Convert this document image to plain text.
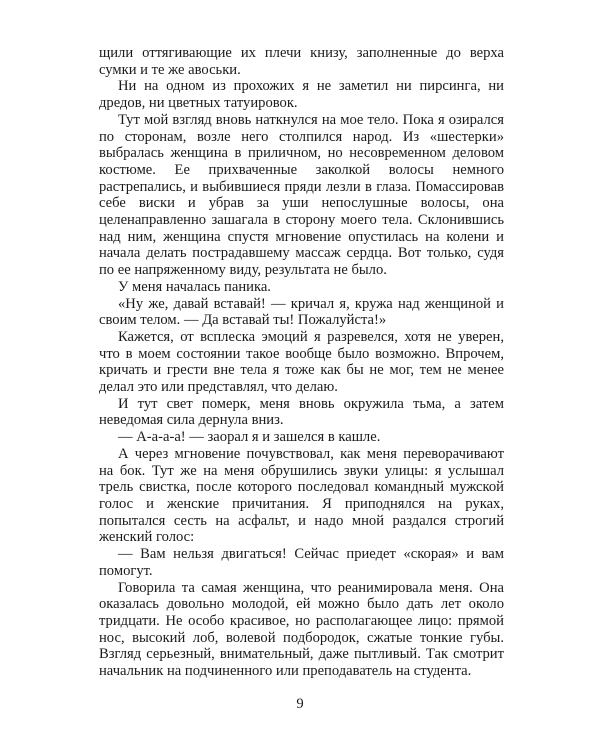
щили оттягивающие их плечи книзу, заполненные до верха сумки и те же авоськи.

Ни на одном из прохожих я не заметил ни пирсинга, ни дредов, ни цветных татуировок.

Тут мой взгляд вновь наткнулся на мое тело. Пока я озирался по сторонам, возле него столпился народ. Из «шестерки» выбралась женщина в приличном, но несовременном деловом костюме. Ее прихваченные заколкой волосы немного растрепались, и выбившиеся пряди лезли в глаза. Помассировав себе виски и убрав за уши непослушные волосы, она целенаправленно зашагала в сторону моего тела. Склонившись над ним, женщина спустя мгновение опустилась на колени и начала делать пострадавшему массаж сердца. Вот только, судя по ее напряженному виду, результата не было.

У меня началась паника.

«Ну же, давай вставай! — кричал я, кружа над женщиной и своим телом. — Да вставай ты! Пожалуйста!»

Кажется, от всплеска эмоций я разревелся, хотя не уверен, что в моем состоянии такое вообще было возможно. Впрочем, кричать и грести вне тела я тоже как бы не мог, тем не менее делал это или представлял, что делаю.

И тут свет померк, меня вновь окружила тьма, а затем неведомая сила дернула вниз.

— А-а-а-а! — заорал я и зашелся в кашле.

А через мгновение почувствовал, как меня переворачивают на бок. Тут же на меня обрушились звуки улицы: я услышал трель свистка, после которого последовал командный мужской голос и женские причитания. Я приподнялся на руках, попытался сесть на асфальт, и надо мной раздался строгий женский голос:

— Вам нельзя двигаться! Сейчас приедет «скорая» и вам помогут.

Говорила та самая женщина, что реанимировала меня. Она оказалась довольно молодой, ей можно было дать лет около тридцати. Не особо красивое, но располагающее лицо: прямой нос, высокий лоб, волевой подбородок, сжатые тонкие губы. Взгляд серьезный, внимательный, даже пытливый. Так смотрит начальник на подчиненного или преподаватель на студента.

9
